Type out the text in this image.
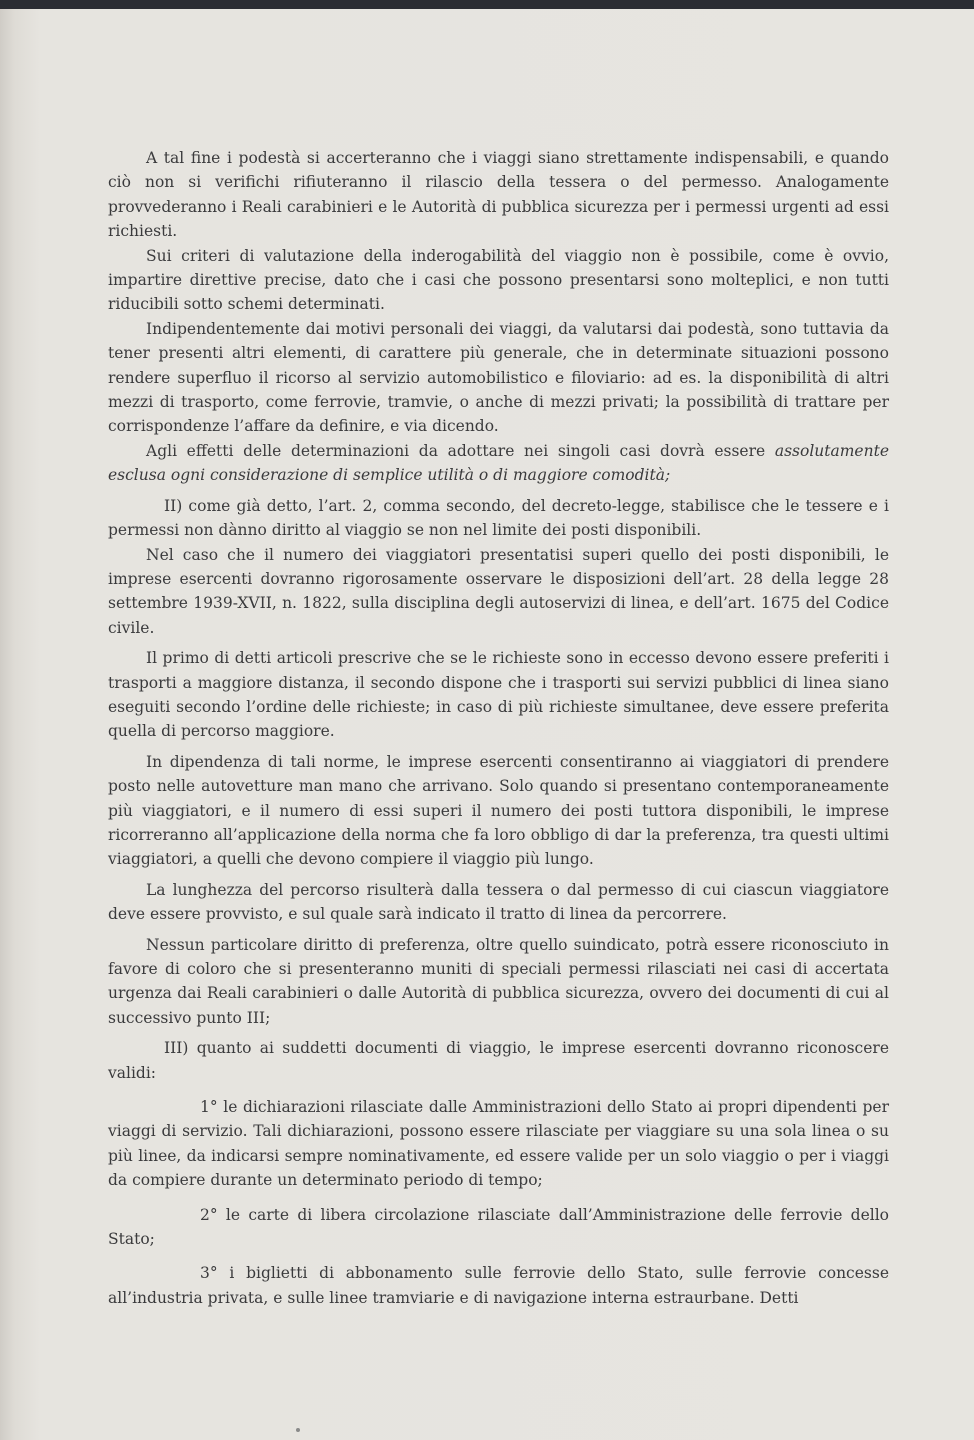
A tal fine i podestà si accerteranno che i viaggi siano strettamente indispensabili, e quando ciò non si verifichi rifiuteranno il rilascio della tessera o del permesso. Analogamente provvederanno i Reali carabinieri e le Autorità di pubblica sicurezza per i permessi urgenti ad essi richiesti.

Sui criteri di valutazione della inderogabilità del viaggio non è possibile, come è ovvio, impartire direttive precise, dato che i casi che possono presentarsi sono molteplici, e non tutti riducibili sotto schemi determinati.

Indipendentemente dai motivi personali dei viaggi, da valutarsi dai podestà, sono tuttavia da tener presenti altri elementi, di carattere più generale, che in determinate situazioni possono rendere superfluo il ricorso al servizio automobilistico e filoviario: ad es. la disponibilità di altri mezzi di trasporto, come ferrovie, tramvie, o anche di mezzi privati; la possibilità di trattare per corrispondenze l’affare da definire, e via dicendo.

Agli effetti delle determinazioni da adottare nei singoli casi dovrà essere assolutamente esclusa ogni considerazione di semplice utilità o di maggiore comodità;

II) come già detto, l’art. 2, comma secondo, del decreto-legge, stabilisce che le tessere e i permessi non dànno diritto al viaggio se non nel limite dei posti disponibili.

Nel caso che il numero dei viaggiatori presentatisi superi quello dei posti disponibili, le imprese esercenti dovranno rigorosamente osservare le disposizioni dell’art. 28 della legge 28 settembre 1939-XVII, n. 1822, sulla disciplina degli autoservizi di linea, e dell’art. 1675 del Codice civile.

Il primo di detti articoli prescrive che se le richieste sono in eccesso devono essere preferiti i trasporti a maggiore distanza, il secondo dispone che i trasporti sui servizi pubblici di linea siano eseguiti secondo l’ordine delle richieste; in caso di più richieste simultanee, deve essere preferita quella di percorso maggiore.

In dipendenza di tali norme, le imprese esercenti consentiranno ai viaggiatori di prendere posto nelle autovetture man mano che arrivano. Solo quando si presentano contemporaneamente più viaggiatori, e il numero di essi superi il numero dei posti tuttora disponibili, le imprese ricorreranno all’applicazione della norma che fa loro obbligo di dar la preferenza, tra questi ultimi viaggiatori, a quelli che devono compiere il viaggio più lungo.

La lunghezza del percorso risulterà dalla tessera o dal permesso di cui ciascun viaggiatore deve essere provvisto, e sul quale sarà indicato il tratto di linea da percorrere.

Nessun particolare diritto di preferenza, oltre quello suindicato, potrà essere riconosciuto in favore di coloro che si presenteranno muniti di speciali permessi rilasciati nei casi di accertata urgenza dai Reali carabinieri o dalle Autorità di pubblica sicurezza, ovvero dei documenti di cui al successivo punto III;

III) quanto ai suddetti documenti di viaggio, le imprese esercenti dovranno riconoscere validi:

1° le dichiarazioni rilasciate dalle Amministrazioni dello Stato ai propri dipendenti per viaggi di servizio. Tali dichiarazioni, possono essere rilasciate per viaggiare su una sola linea o su più linee, da indicarsi sempre nominativamente, ed essere valide per un solo viaggio o per i viaggi da compiere durante un determinato periodo di tempo;

2° le carte di libera circolazione rilasciate dall’Amministrazione delle ferrovie dello Stato;

3° i biglietti di abbonamento sulle ferrovie dello Stato, sulle ferrovie concesse all’industria privata, e sulle linee tramviarie e di navigazione interna estraurbane. Detti
